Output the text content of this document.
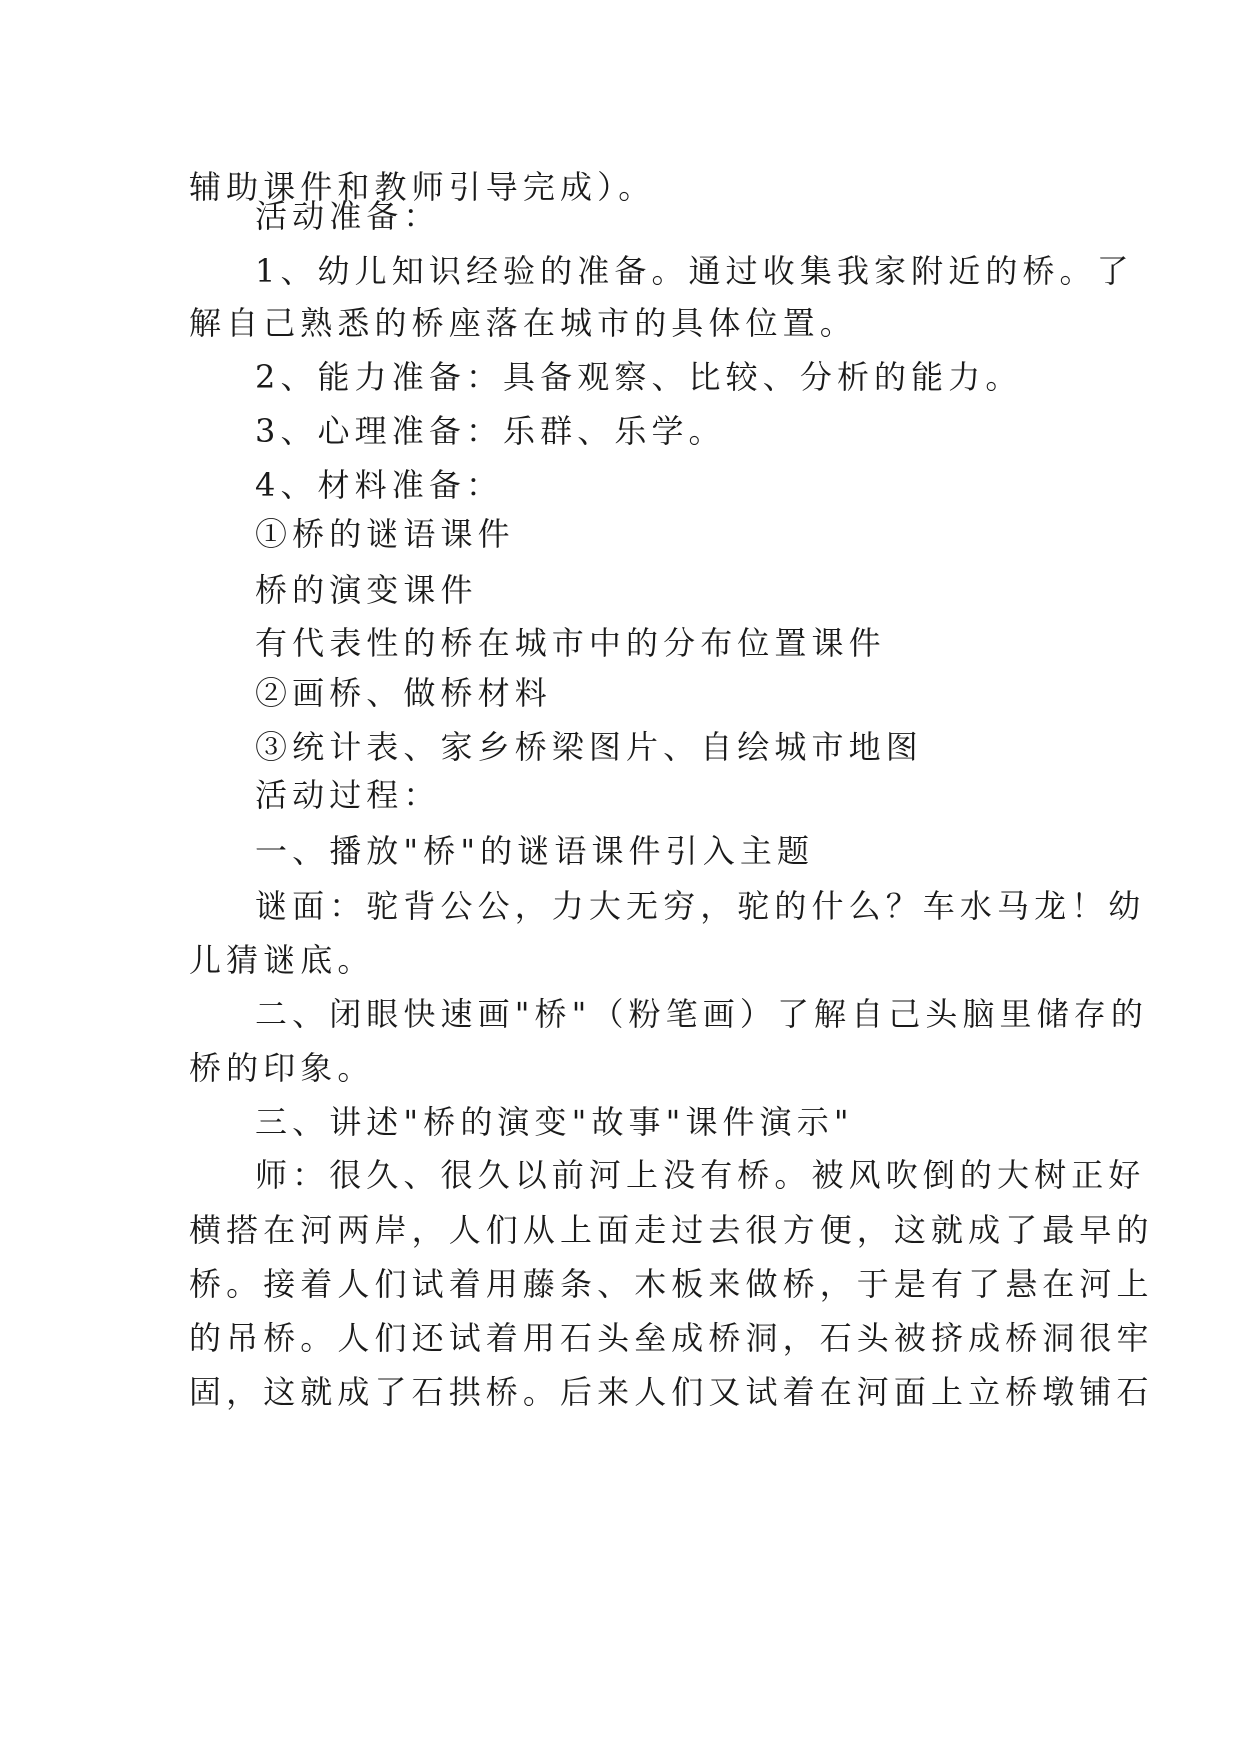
辅助课件和教师引导完成）。
活动准备：
1、幼儿知识经验的准备。通过收集我家附近的桥。了
解自己熟悉的桥座落在城市的具体位置。
2、能力准备：具备观察、比较、分析的能力。
3、心理准备：乐群、乐学。
4、材料准备：
①桥的谜语课件
桥的演变课件
有代表性的桥在城市中的分布位置课件
②画桥、做桥材料
③统计表、家乡桥梁图片、自绘城市地图
活动过程：
一、播放"桥"的谜语课件引入主题
谜面：驼背公公，力大无穷，驼的什么？车水马龙！幼
儿猜谜底。
二、闭眼快速画"桥"（粉笔画）了解自己头脑里储存的
桥的印象。
三、讲述"桥的演变"故事"课件演示"
师：很久、很久以前河上没有桥。被风吹倒的大树正好
横搭在河两岸，人们从上面走过去很方便，这就成了最早的
桥。接着人们试着用藤条、木板来做桥，于是有了悬在河上
的吊桥。人们还试着用石头垒成桥洞，石头被挤成桥洞很牢
固，这就成了石拱桥。后来人们又试着在河面上立桥墩铺石
